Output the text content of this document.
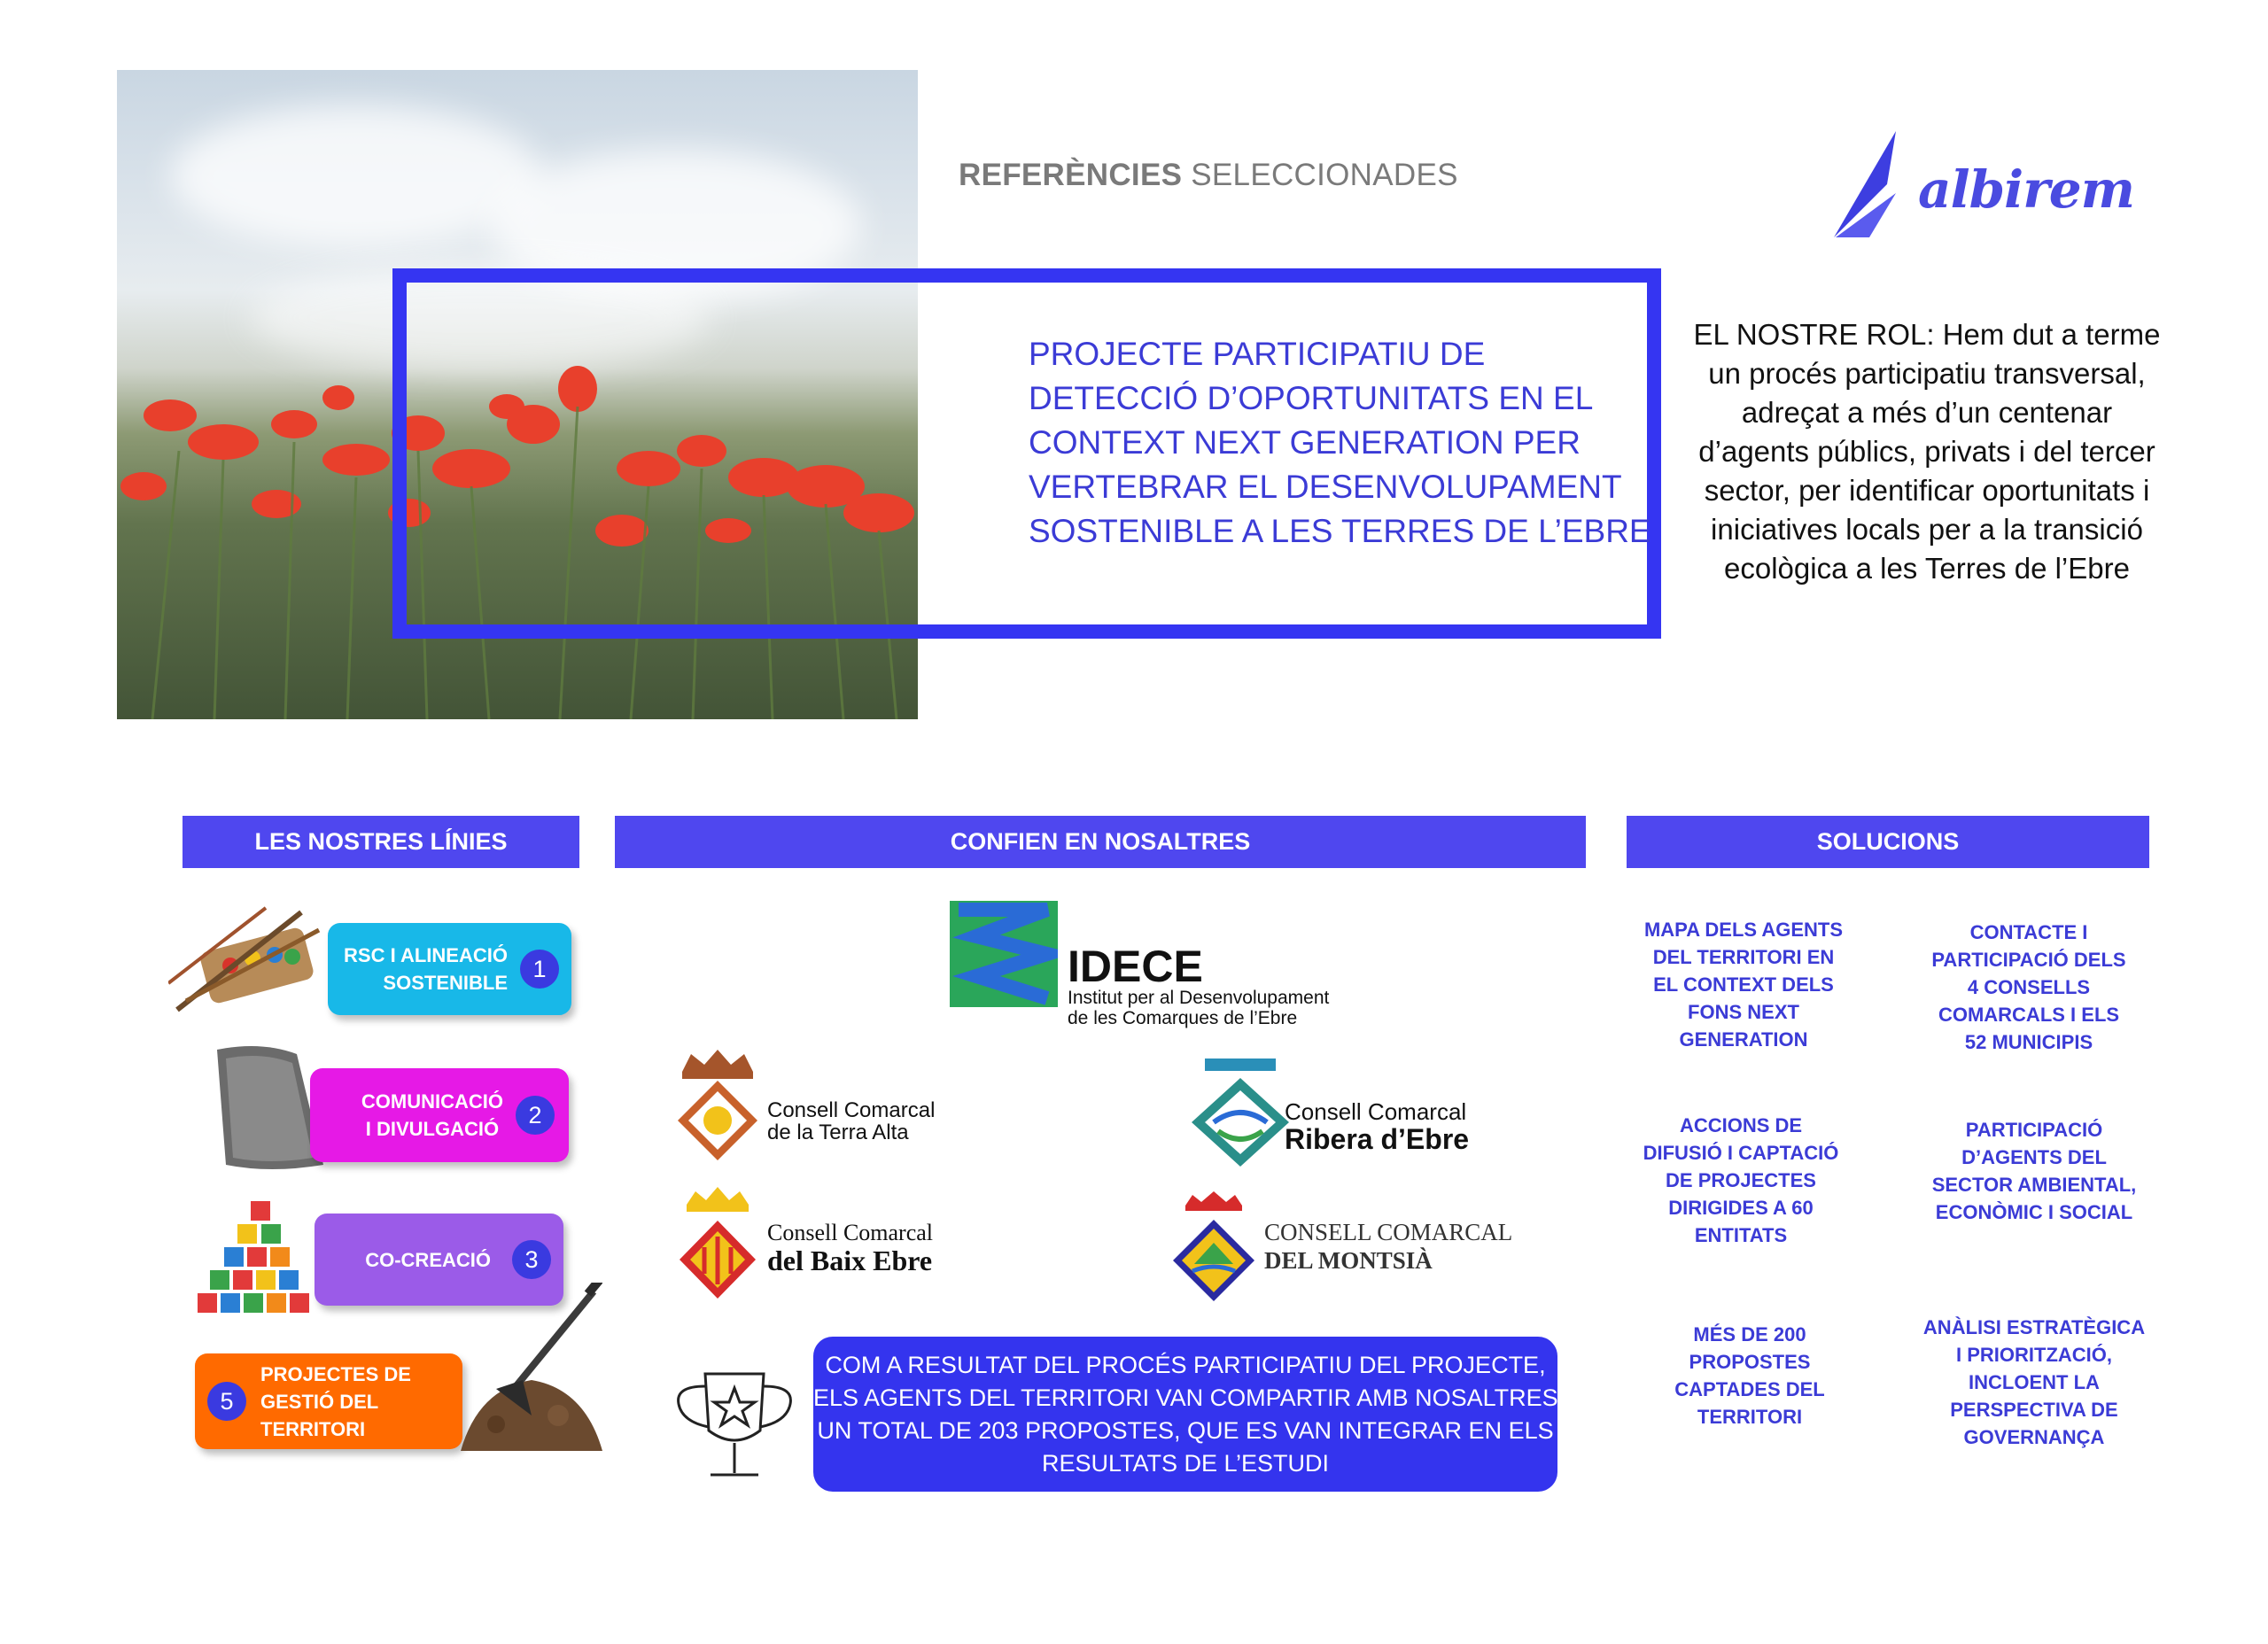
REFERÈNCIES SELECCIONADES	albirem
PROJECTE PARTICIPATIU DE
DETECCIÓ D’OPORTUNITATS EN EL
CONTEXT NEXT GENERATION PER
VERTEBRAR EL DESENVOLUPAMENT
SOSTENIBLE A LES TERRES DE L’EBRE
EL NOSTRE ROL: Hem dut a terme
un procés participatiu transversal,
adreçat a més d’un centenar
d’agents públics, privats i del tercer
sector, per identificar oportunitats i
iniciatives locals per a la transició
ecològica a les Terres de l’Ebre
LES NOSTRES LÍNIES	CONFIEN EN NOSALTRES	SOLUCIONS
RSC I ALINEACIÓ
SOSTENIBLE
1
COMUNICACIÓ
I DIVULGACIÓ
2
CO-CREACIÓ	3
5
PROJECTES DE
GESTIÓ DEL
TERRITORI
IDECE
Institut per al Desenvolupament
de les Comarques de l’Ebre
Consell Comarcal
de la Terra Alta
Consell Comarcal
Ribera d’Ebre
Consell Comarcal
del Baix Ebre
CONSELL COMARCAL
DEL MONTSIÀ
COM A RESULTAT DEL PROCÉS PARTICIPATIU DEL PROJECTE,
ELS AGENTS DEL TERRITORI VAN COMPARTIR AMB NOSALTRES
UN TOTAL DE 203 PROPOSTES, QUE ES VAN INTEGRAR EN ELS
RESULTATS DE L’ESTUDI
MAPA DELS AGENTS
DEL TERRITORI EN
EL CONTEXT DELS
FONS NEXT
GENERATION
CONTACTE I
PARTICIPACIÓ DELS
4 CONSELLS
COMARCALS I ELS
52 MUNICIPIS
ACCIONS DE
DIFUSIÓ I CAPTACIÓ
DE PROJECTES
DIRIGIDES A 60
ENTITATS
PARTICIPACIÓ
D’AGENTS DEL
SECTOR AMBIENTAL,
ECONÒMIC I SOCIAL
MÉS DE 200
PROPOSTES
CAPTADES DEL
TERRITORI
ANÀLISI ESTRATÈGICA
I PRIORITZACIÓ,
INCLOENT LA
PERSPECTIVA DE
GOVERNANÇA
